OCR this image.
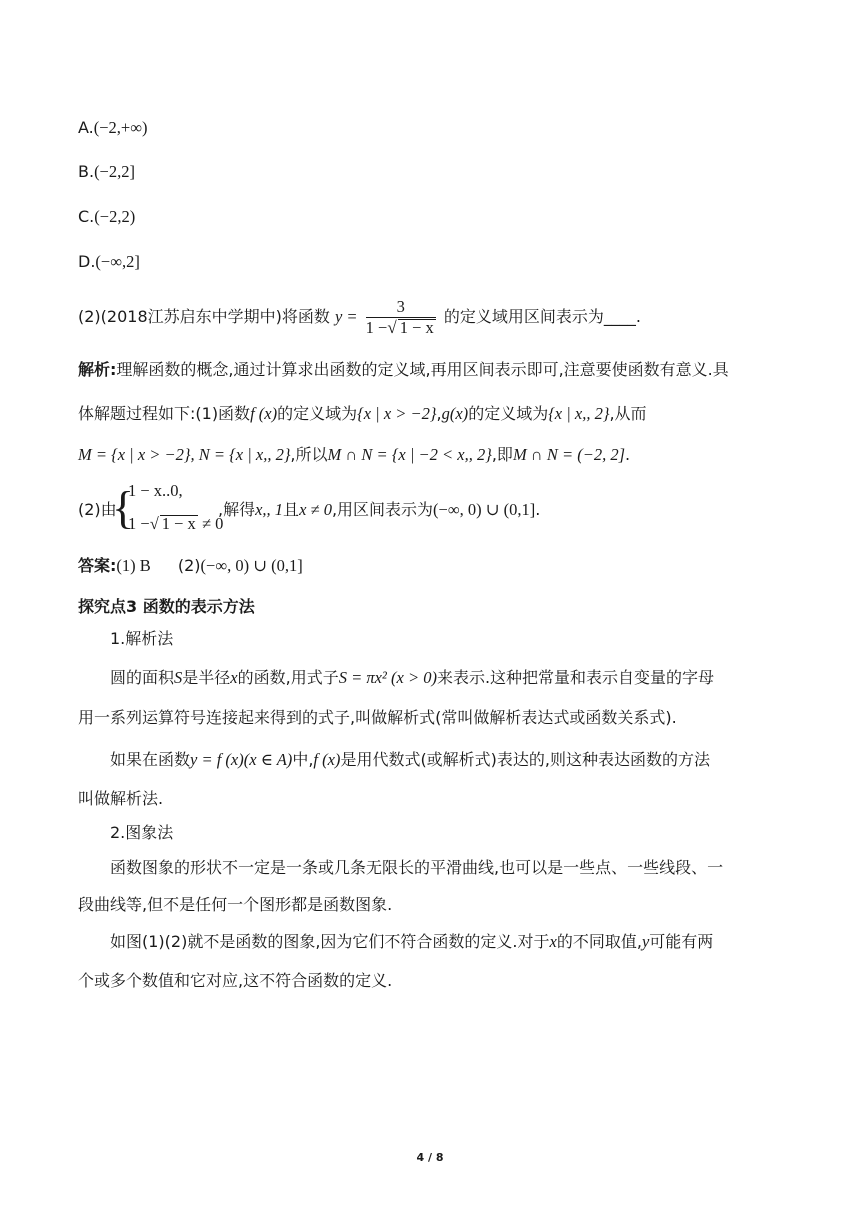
A.(−2,+∞)
B.(−2,2]
C.(−2,2)
D.(−∞,2]
(2)(2018江苏启东中学期中)将函数 $y = \frac{3}{1 -√ 1 - x}$ 的定义域用区间表示为____.
解析:理解函数的概念,通过计算求出函数的定义域,再用区间表示即可,注意要使函数有意义.具
体解题过程如下:(1)函数f (x)的定义域为{x | x > −2},g(x)的定义域为{x | x,, 2},从而
M = {x | x > −2}, N = {x | x,, 2},所以M ∩ N = {x | −2 < x,, 2},即M ∩ N = (−2, 2].
(2)由
{
1 − x..0,
1 −√ 1 − x ≠ 0
,解得x,, 1且x ≠ 0,用区间表示为(−∞, 0) ∪ (0,1].
答案:(1) B (2)(−∞, 0) ∪ (0,1]
探究点3 函数的表示方法
1.解析法
圆的面积S是半径x的函数,用式子S = πx² (x > 0)来表示.这种把常量和表示自变量的字母
用一系列运算符号连接起来得到的式子,叫做解析式(常叫做解析表达式或函数关系式).
如果在函数y = f (x)(x ∈ A)中,f (x)是用代数式(或解析式)表达的,则这种表达函数的方法
叫做解析法.
2.图象法
函数图象的形状不一定是一条或几条无限长的平滑曲线,也可以是一些点、一些线段、一
段曲线等,但不是任何一个图形都是函数图象.
如图(1)(2)就不是函数的图象,因为它们不符合函数的定义.对于x的不同取值,y可能有两
个或多个数值和它对应,这不符合函数的定义.
4 / 8
